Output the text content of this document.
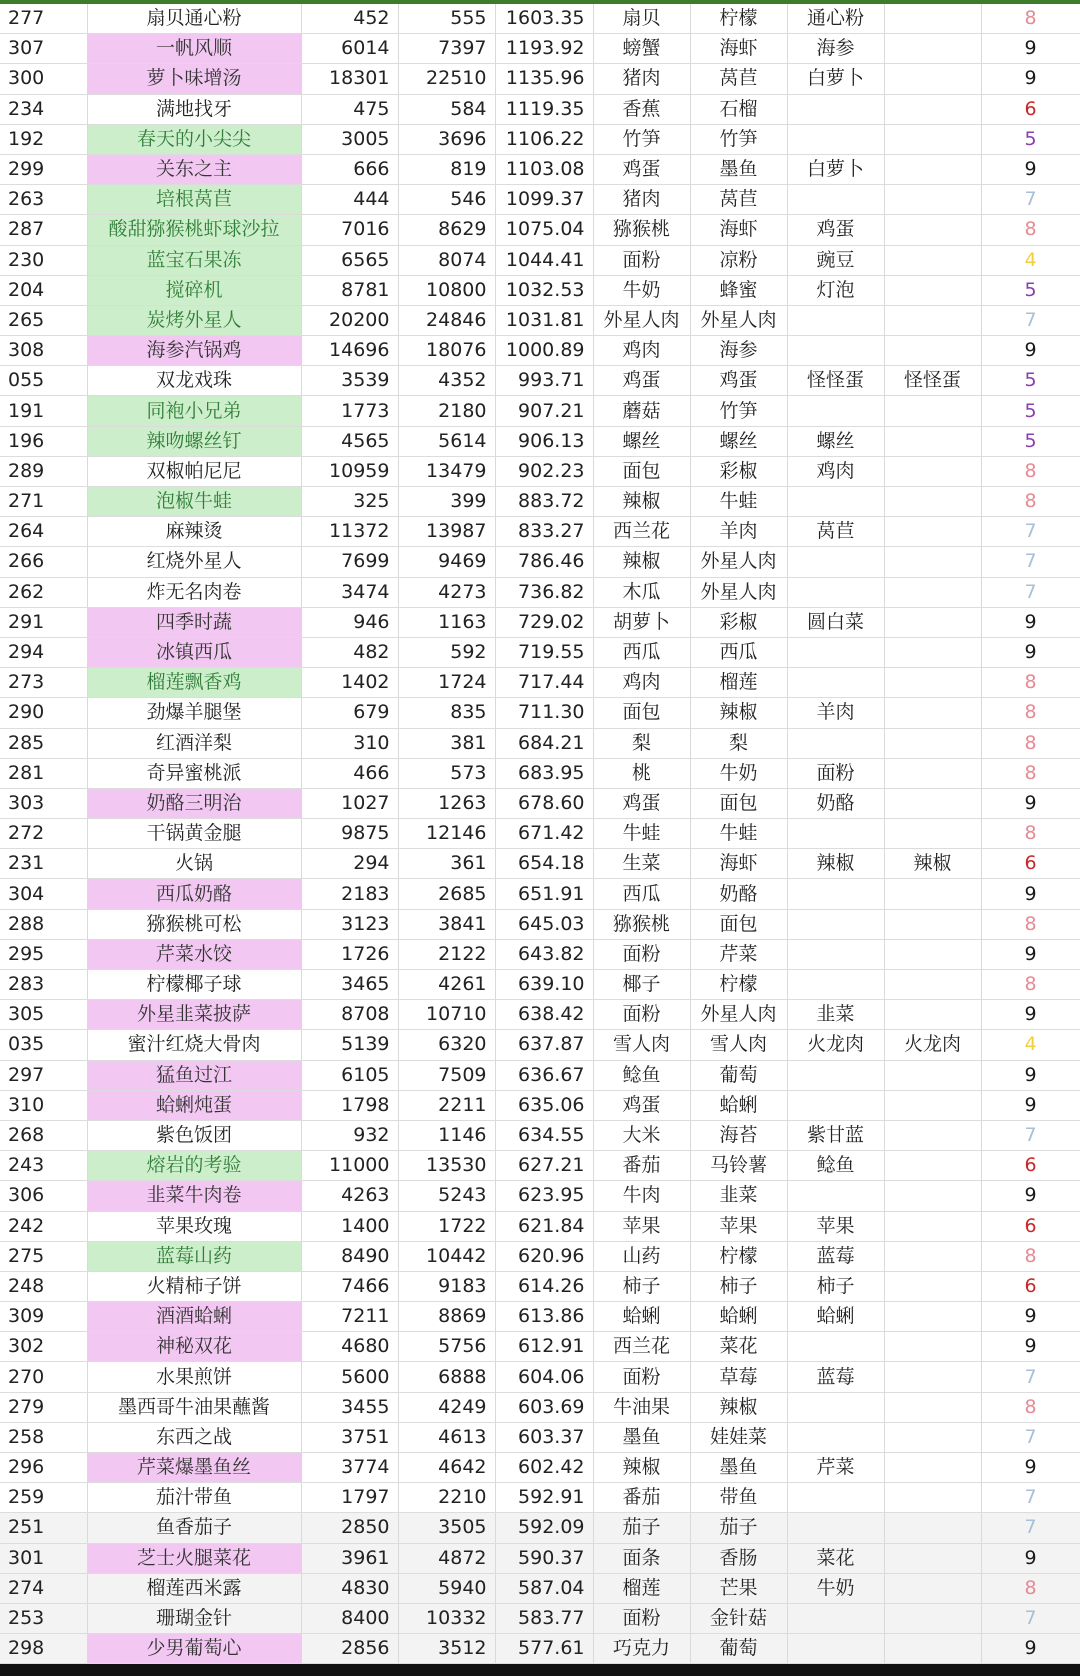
277	扇贝通心粉	452	555	1603.35	扇贝	柠檬	通心粉		8
307	一帆风顺	6014	7397	1193.92	螃蟹	海虾	海参		9
300	萝卜味增汤	18301	22510	1135.96	猪肉	莴苣	白萝卜		9
234	满地找牙	475	584	1119.35	香蕉	石榴			6
192	春天的小尖尖	3005	3696	1106.22	竹笋	竹笋			5
299	关东之主	666	819	1103.08	鸡蛋	墨鱼	白萝卜		9
263	培根莴苣	444	546	1099.37	猪肉	莴苣			7
287	酸甜猕猴桃虾球沙拉	7016	8629	1075.04	猕猴桃	海虾	鸡蛋		8
230	蓝宝石果冻	6565	8074	1044.41	面粉	凉粉	豌豆		4
204	搅碎机	8781	10800	1032.53	牛奶	蜂蜜	灯泡		5
265	炭烤外星人	20200	24846	1031.81	外星人肉	外星人肉			7
308	海参汽锅鸡	14696	18076	1000.89	鸡肉	海参			9
055	双龙戏珠	3539	4352	993.71	鸡蛋	鸡蛋	怪怪蛋	怪怪蛋	5
191	同袍小兄弟	1773	2180	907.21	蘑菇	竹笋			5
196	辣吻螺丝钉	4565	5614	906.13	螺丝	螺丝	螺丝		5
289	双椒帕尼尼	10959	13479	902.23	面包	彩椒	鸡肉		8
271	泡椒牛蛙	325	399	883.72	辣椒	牛蛙			8
264	麻辣烫	11372	13987	833.27	西兰花	羊肉	莴苣		7
266	红烧外星人	7699	9469	786.46	辣椒	外星人肉			7
262	炸无名肉卷	3474	4273	736.82	木瓜	外星人肉			7
291	四季时蔬	946	1163	729.02	胡萝卜	彩椒	圆白菜		9
294	冰镇西瓜	482	592	719.55	西瓜	西瓜			9
273	榴莲飘香鸡	1402	1724	717.44	鸡肉	榴莲			8
290	劲爆羊腿堡	679	835	711.30	面包	辣椒	羊肉		8
285	红酒洋梨	310	381	684.21	梨	梨			8
281	奇异蜜桃派	466	573	683.95	桃	牛奶	面粉		8
303	奶酪三明治	1027	1263	678.60	鸡蛋	面包	奶酪		9
272	干锅黄金腿	9875	12146	671.42	牛蛙	牛蛙			8
231	火锅	294	361	654.18	生菜	海虾	辣椒	辣椒	6
304	西瓜奶酪	2183	2685	651.91	西瓜	奶酪			9
288	猕猴桃可松	3123	3841	645.03	猕猴桃	面包			8
295	芹菜水饺	1726	2122	643.82	面粉	芹菜			9
283	柠檬椰子球	3465	4261	639.10	椰子	柠檬			8
305	外星韭菜披萨	8708	10710	638.42	面粉	外星人肉	韭菜		9
035	蜜汁红烧大骨肉	5139	6320	637.87	雪人肉	雪人肉	火龙肉	火龙肉	4
297	猛鱼过江	6105	7509	636.67	鲶鱼	葡萄			9
310	蛤蜊炖蛋	1798	2211	635.06	鸡蛋	蛤蜊			9
268	紫色饭团	932	1146	634.55	大米	海苔	紫甘蓝		7
243	熔岩的考验	11000	13530	627.21	番茄	马铃薯	鲶鱼		6
306	韭菜牛肉卷	4263	5243	623.95	牛肉	韭菜			9
242	苹果玫瑰	1400	1722	621.84	苹果	苹果	苹果		6
275	蓝莓山药	8490	10442	620.96	山药	柠檬	蓝莓		8
248	火精柿子饼	7466	9183	614.26	柿子	柿子	柿子		6
309	酒酒蛤蜊	7211	8869	613.86	蛤蜊	蛤蜊	蛤蜊		9
302	神秘双花	4680	5756	612.91	西兰花	菜花			9
270	水果煎饼	5600	6888	604.06	面粉	草莓	蓝莓		7
279	墨西哥牛油果蘸酱	3455	4249	603.69	牛油果	辣椒			8
258	东西之战	3751	4613	603.37	墨鱼	娃娃菜			7
296	芹菜爆墨鱼丝	3774	4642	602.42	辣椒	墨鱼	芹菜		9
259	茄汁带鱼	1797	2210	592.91	番茄	带鱼			7
251	鱼香茄子	2850	3505	592.09	茄子	茄子			7
301	芝士火腿菜花	3961	4872	590.37	面条	香肠	菜花		9
274	榴莲西米露	4830	5940	587.04	榴莲	芒果	牛奶		8
253	珊瑚金针	8400	10332	583.77	面粉	金针菇			7
298	少男葡萄心	2856	3512	577.61	巧克力	葡萄			9
